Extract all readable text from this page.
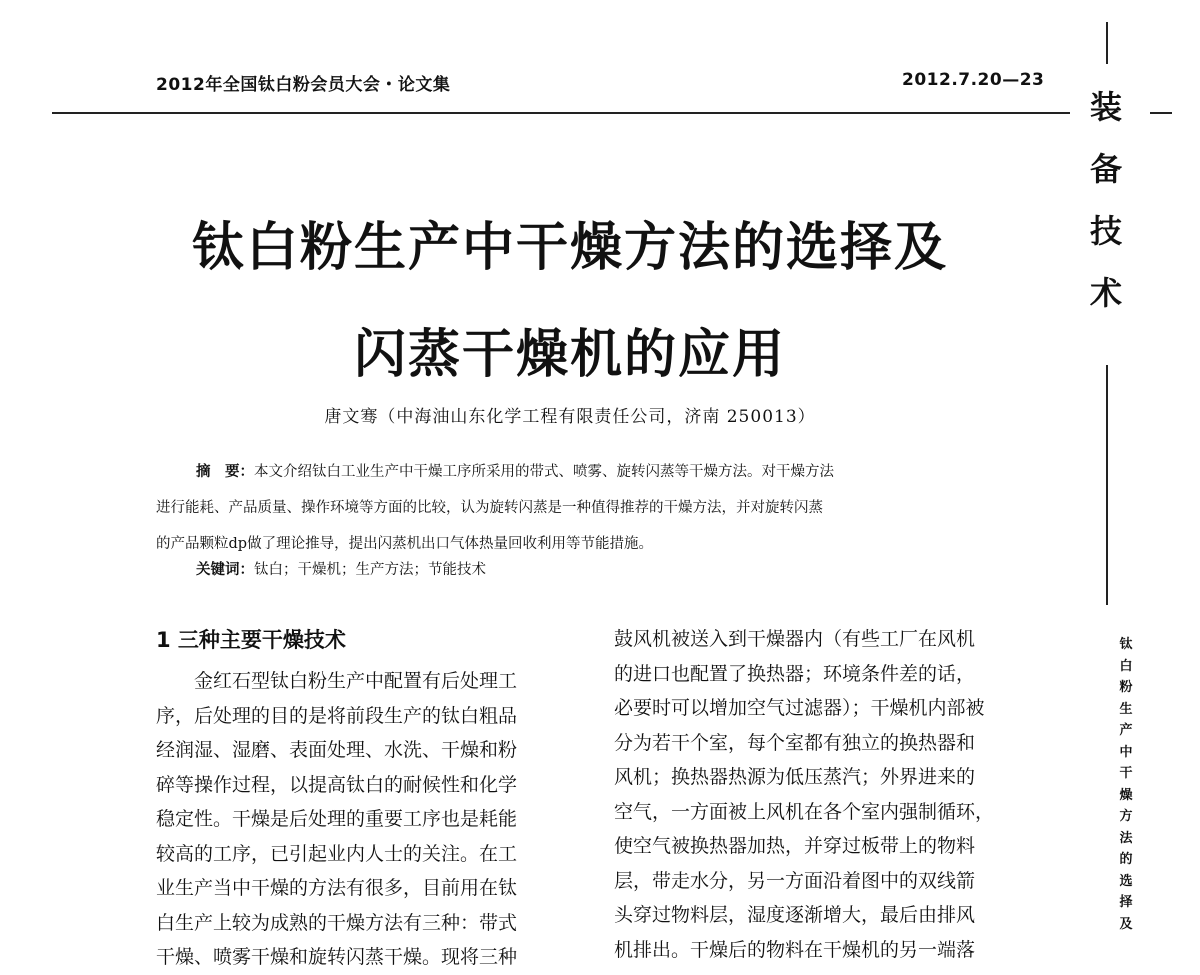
2012年全国钛白粉会员大会・论文集	2012.7.20—23
装
备
技
术
钛
白
粉
生
产
中
干
燥
方
法
的
选
择
及
钛白粉生产中干燥方法的选择及
闪蒸干燥机的应用
唐文骞（中海油山东化学工程有限责任公司，济南 250013）
摘　要：本文介绍钛白工业生产中干燥工序所采用的带式、喷雾、旋转闪蒸等干燥方法。对干燥方法
进行能耗、产品质量、操作环境等方面的比较，认为旋转闪蒸是一种值得推荐的干燥方法，并对旋转闪蒸
的产品颗粒dp做了理论推导，提出闪蒸机出口气体热量回收利用等节能措施。
关键词：钛白；干燥机；生产方法；节能技术
1 三种主要干燥技术
　　金红石型钛白粉生产中配置有后处理工
序，后处理的目的是将前段生产的钛白粗品
经润湿、湿磨、表面处理、水洗、干燥和粉
碎等操作过程，以提高钛白的耐候性和化学
稳定性。干燥是后处理的重要工序也是耗能
较高的工序，已引起业内人士的关注。在工
业生产当中干燥的方法有很多，目前用在钛
白生产上较为成熟的干燥方法有三种：带式
干燥、喷雾干燥和旋转闪蒸干燥。现将三种
鼓风机被送入到干燥器内（有些工厂在风机
的进口也配置了换热器；环境条件差的话，
必要时可以增加空气过滤器）；干燥机内部被
分为若干个室，每个室都有独立的换热器和
风机；换热器热源为低压蒸汽；外界进来的
空气，一方面被上风机在各个室内强制循环，
使空气被换热器加热，并穿过板带上的物料
层，带走水分，另一方面沿着图中的双线箭
头穿过物料层，湿度逐渐增大，最后由排风
机排出。干燥后的物料在干燥机的另一端落
